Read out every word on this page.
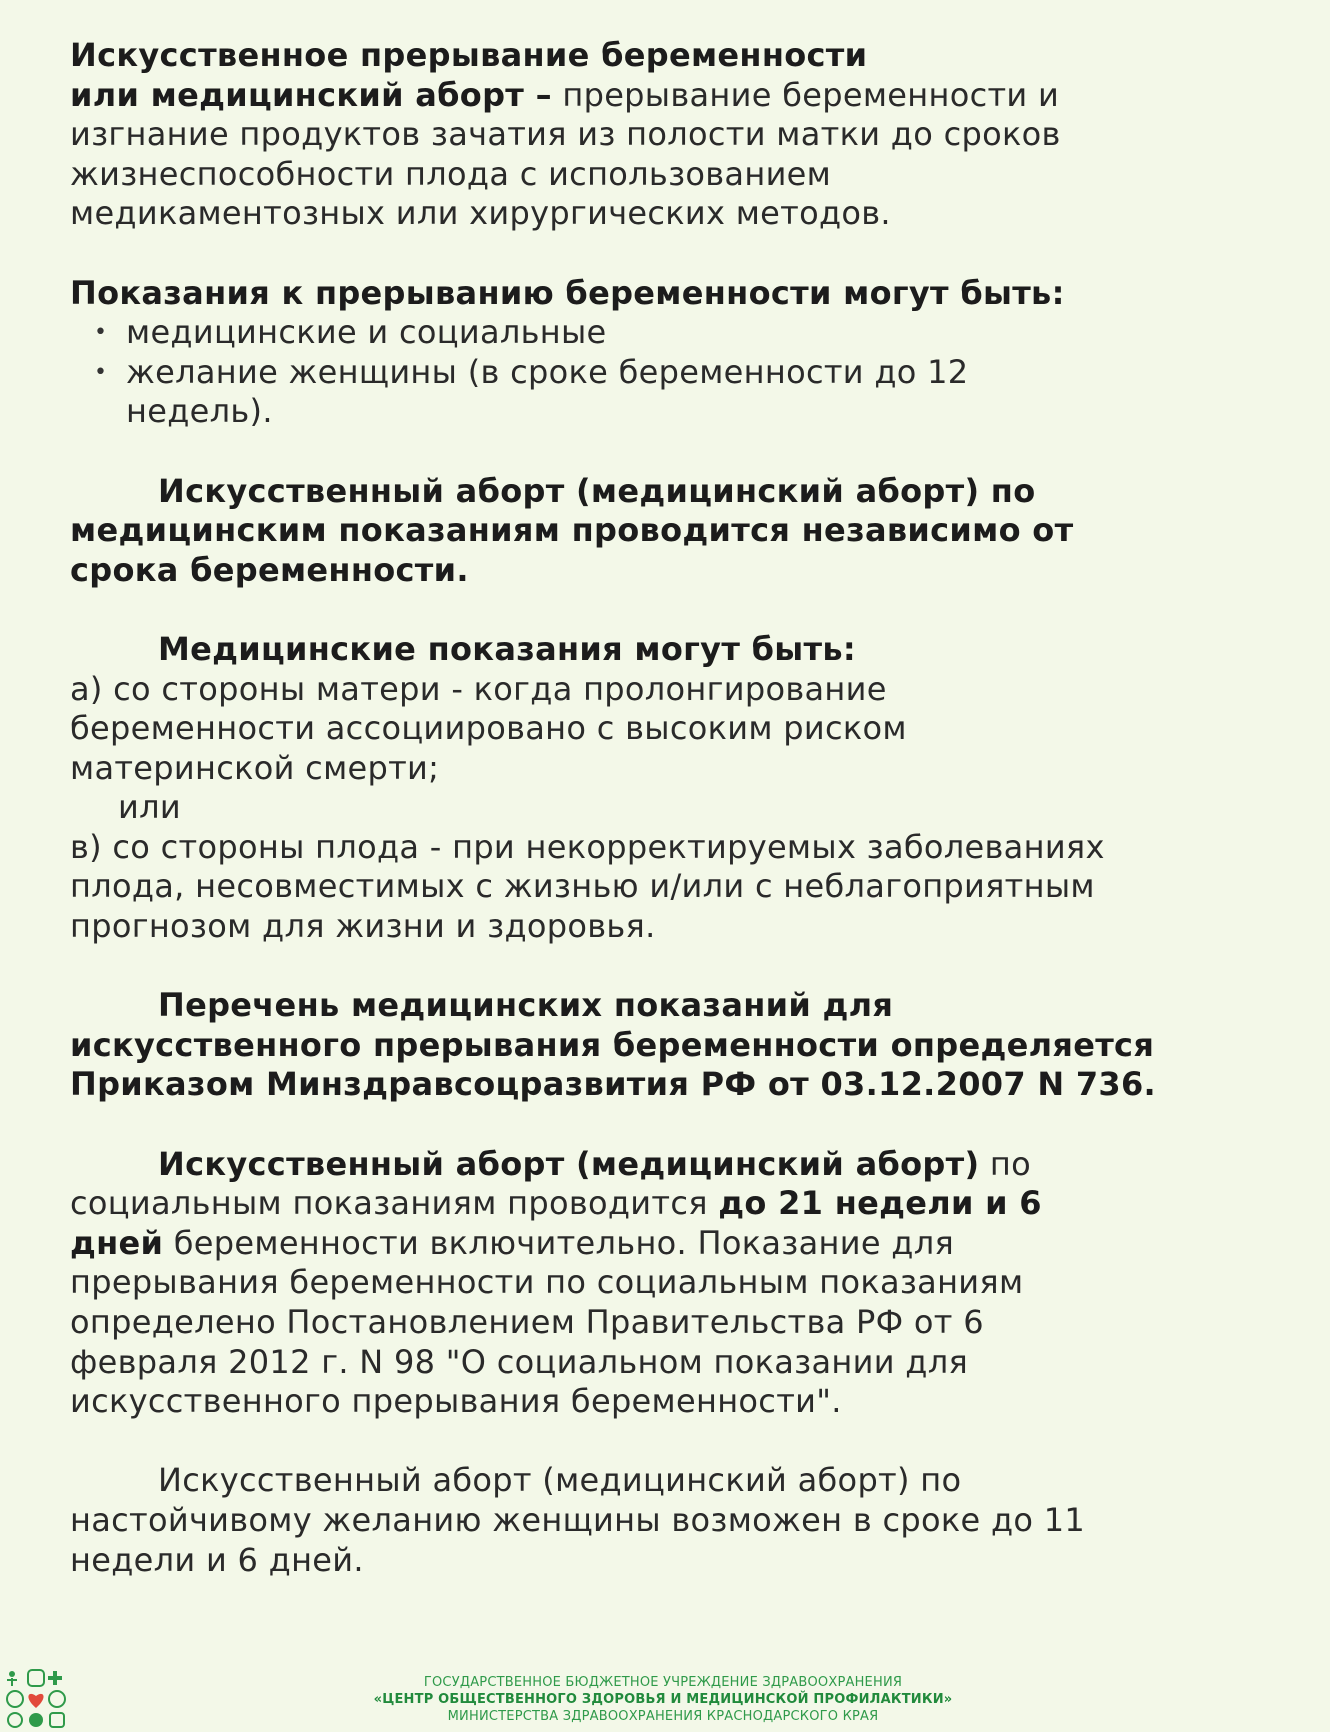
Искусственное прерывание беременности
или медицинский аборт – прерывание беременности и
изгнание продуктов зачатия из полости матки до сроков
жизнеспособности плода с использованием
медикаментозных или хирургических методов.

Показания к прерыванию беременности могут быть:

• медицинские и социальные
• желание женщины (в сроке беременности до 12
недель).

Искусственный аборт (медицинский аборт) по
медицинским показаниям проводится независимо от
срока беременности.

Медицинские показания могут быть:
а) со стороны матери - когда пролонгирование
беременности ассоциировано с высоким риском
материнской смерти;
или
в) со стороны плода - при некорректируемых заболеваниях
плода, несовместимых с жизнью и/или с неблагоприятным
прогнозом для жизни и здоровья.

Перечень медицинских показаний для
искусственного прерывания беременности определяется
Приказом Минздравсоцразвития РФ от 03.12.2007 N 736.

Искусственный аборт (медицинский аборт) по
социальным показаниям проводится до 21 недели и 6
дней беременности включительно. Показание для
прерывания беременности по социальным показаниям
определено Постановлением Правительства РФ от 6
февраля 2012 г. N 98 "О социальном показании для
искусственного прерывания беременности".

Искусственный аборт (медицинский аборт) по
настойчивому желанию женщины возможен в сроке до 11
недели и 6 дней.

ГОСУДАРСТВЕННОЕ БЮДЖЕТНОЕ УЧРЕЖДЕНИЕ ЗДРАВООХРАНЕНИЯ
«ЦЕНТР ОБЩЕСТВЕННОГО ЗДОРОВЬЯ И МЕДИЦИНСКОЙ ПРОФИЛАКТИКИ»
МИНИСТЕРСТВА ЗДРАВООХРАНЕНИЯ КРАСНОДАРСКОГО КРАЯ
